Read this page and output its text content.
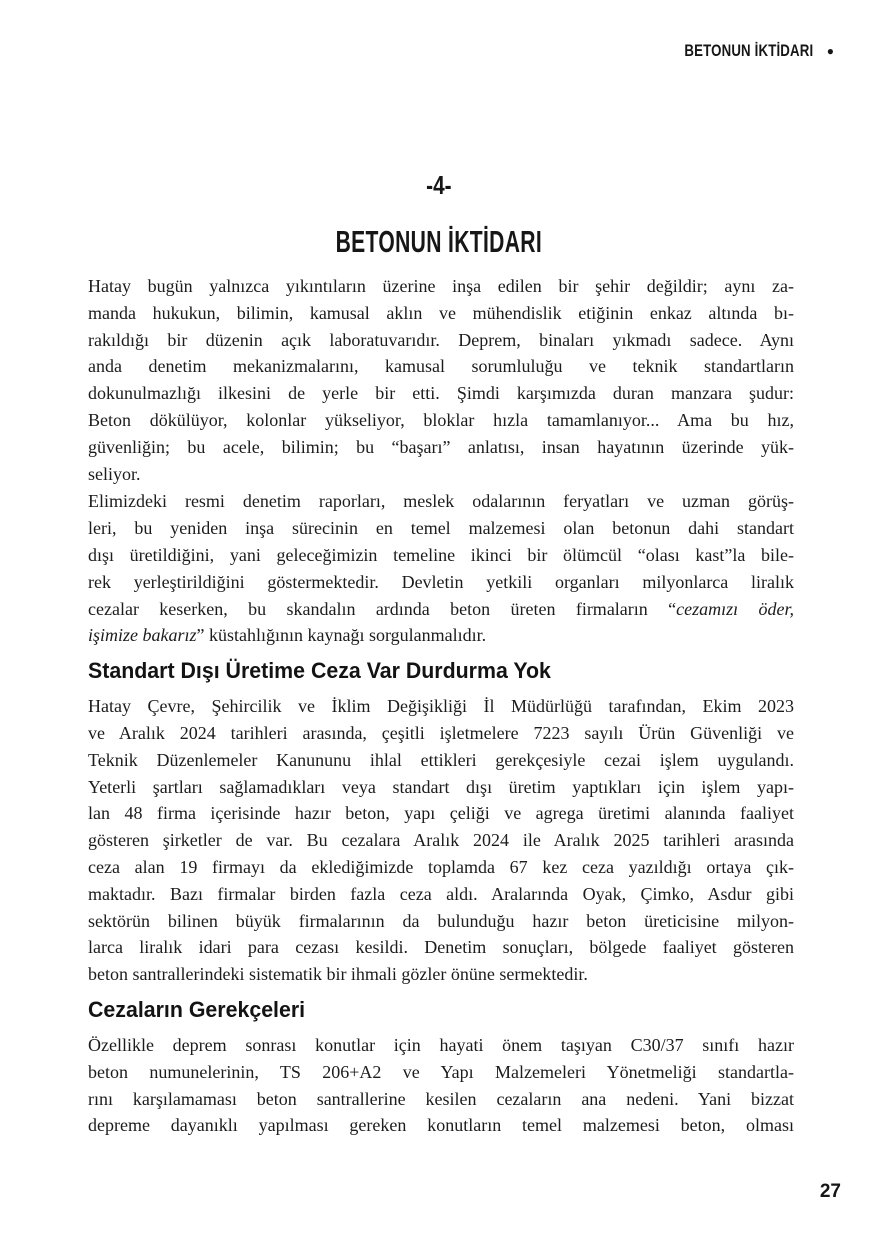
BETONUN İKTİDARI ●
-4-
BETONUN İKTİDARI
Hatay bugün yalnızca yıkıntıların üzerine inşa edilen bir şehir değildir; aynı za-
manda hukukun, bilimin, kamusal aklın ve mühendislik etiğinin enkaz altında bı-
rakıldığı bir düzenin açık laboratuvarıdır. Deprem, binaları yıkmadı sadece. Aynı
anda denetim mekanizmalarını, kamusal sorumluluğu ve teknik standartların
dokunulmazlığı ilkesini de yerle bir etti. Şimdi karşımızda duran manzara şudur:
Beton dökülüyor, kolonlar yükseliyor, bloklar hızla tamamlanıyor... Ama bu hız,
güvenliğin; bu acele, bilimin; bu “başarı” anlatısı, insan hayatının üzerinde yük-
seliyor.
Elimizdeki resmi denetim raporları, meslek odalarının feryatları ve uzman görüş-
leri, bu yeniden inşa sürecinin en temel malzemesi olan betonun dahi standart
dışı üretildiğini, yani geleceğimizin temeline ikinci bir ölümcül “olası kast”la bile-
rek yerleştirildiğini göstermektedir. Devletin yetkili organları milyonlarca liralık
cezalar keserken, bu skandalın ardında beton üreten firmaların “cezamızı öder,
işimize bakarız” küstahlığının kaynağı sorgulanmalıdır.
Standart Dışı Üretime Ceza Var Durdurma Yok
Hatay Çevre, Şehircilik ve İklim Değişikliği İl Müdürlüğü tarafından, Ekim 2023
ve Aralık 2024 tarihleri arasında, çeşitli işletmelere 7223 sayılı Ürün Güvenliği ve
Teknik Düzenlemeler Kanununu ihlal ettikleri gerekçesiyle cezai işlem uygulandı.
Yeterli şartları sağlamadıkları veya standart dışı üretim yaptıkları için işlem yapı-
lan 48 firma içerisinde hazır beton, yapı çeliği ve agrega üretimi alanında faaliyet
gösteren şirketler de var. Bu cezalara Aralık 2024 ile Aralık 2025 tarihleri arasında
ceza alan 19 firmayı da eklediğimizde toplamda 67 kez ceza yazıldığı ortaya çık-
maktadır. Bazı firmalar birden fazla ceza aldı. Aralarında Oyak, Çimko, Asdur gibi
sektörün bilinen büyük firmalarının da bulunduğu hazır beton üreticisine milyon-
larca liralık idari para cezası kesildi. Denetim sonuçları, bölgede faaliyet gösteren
beton santrallerindeki sistematik bir ihmali gözler önüne sermektedir.
Cezaların Gerekçeleri
Özellikle deprem sonrası konutlar için hayati önem taşıyan C30/37 sınıfı hazır
beton numunelerinin, TS 206+A2 ve Yapı Malzemeleri Yönetmeliği standartla-
rını karşılamaması beton santrallerine kesilen cezaların ana nedeni. Yani bizzat
depreme dayanıklı yapılması gereken konutların temel malzemesi beton, olması
27
